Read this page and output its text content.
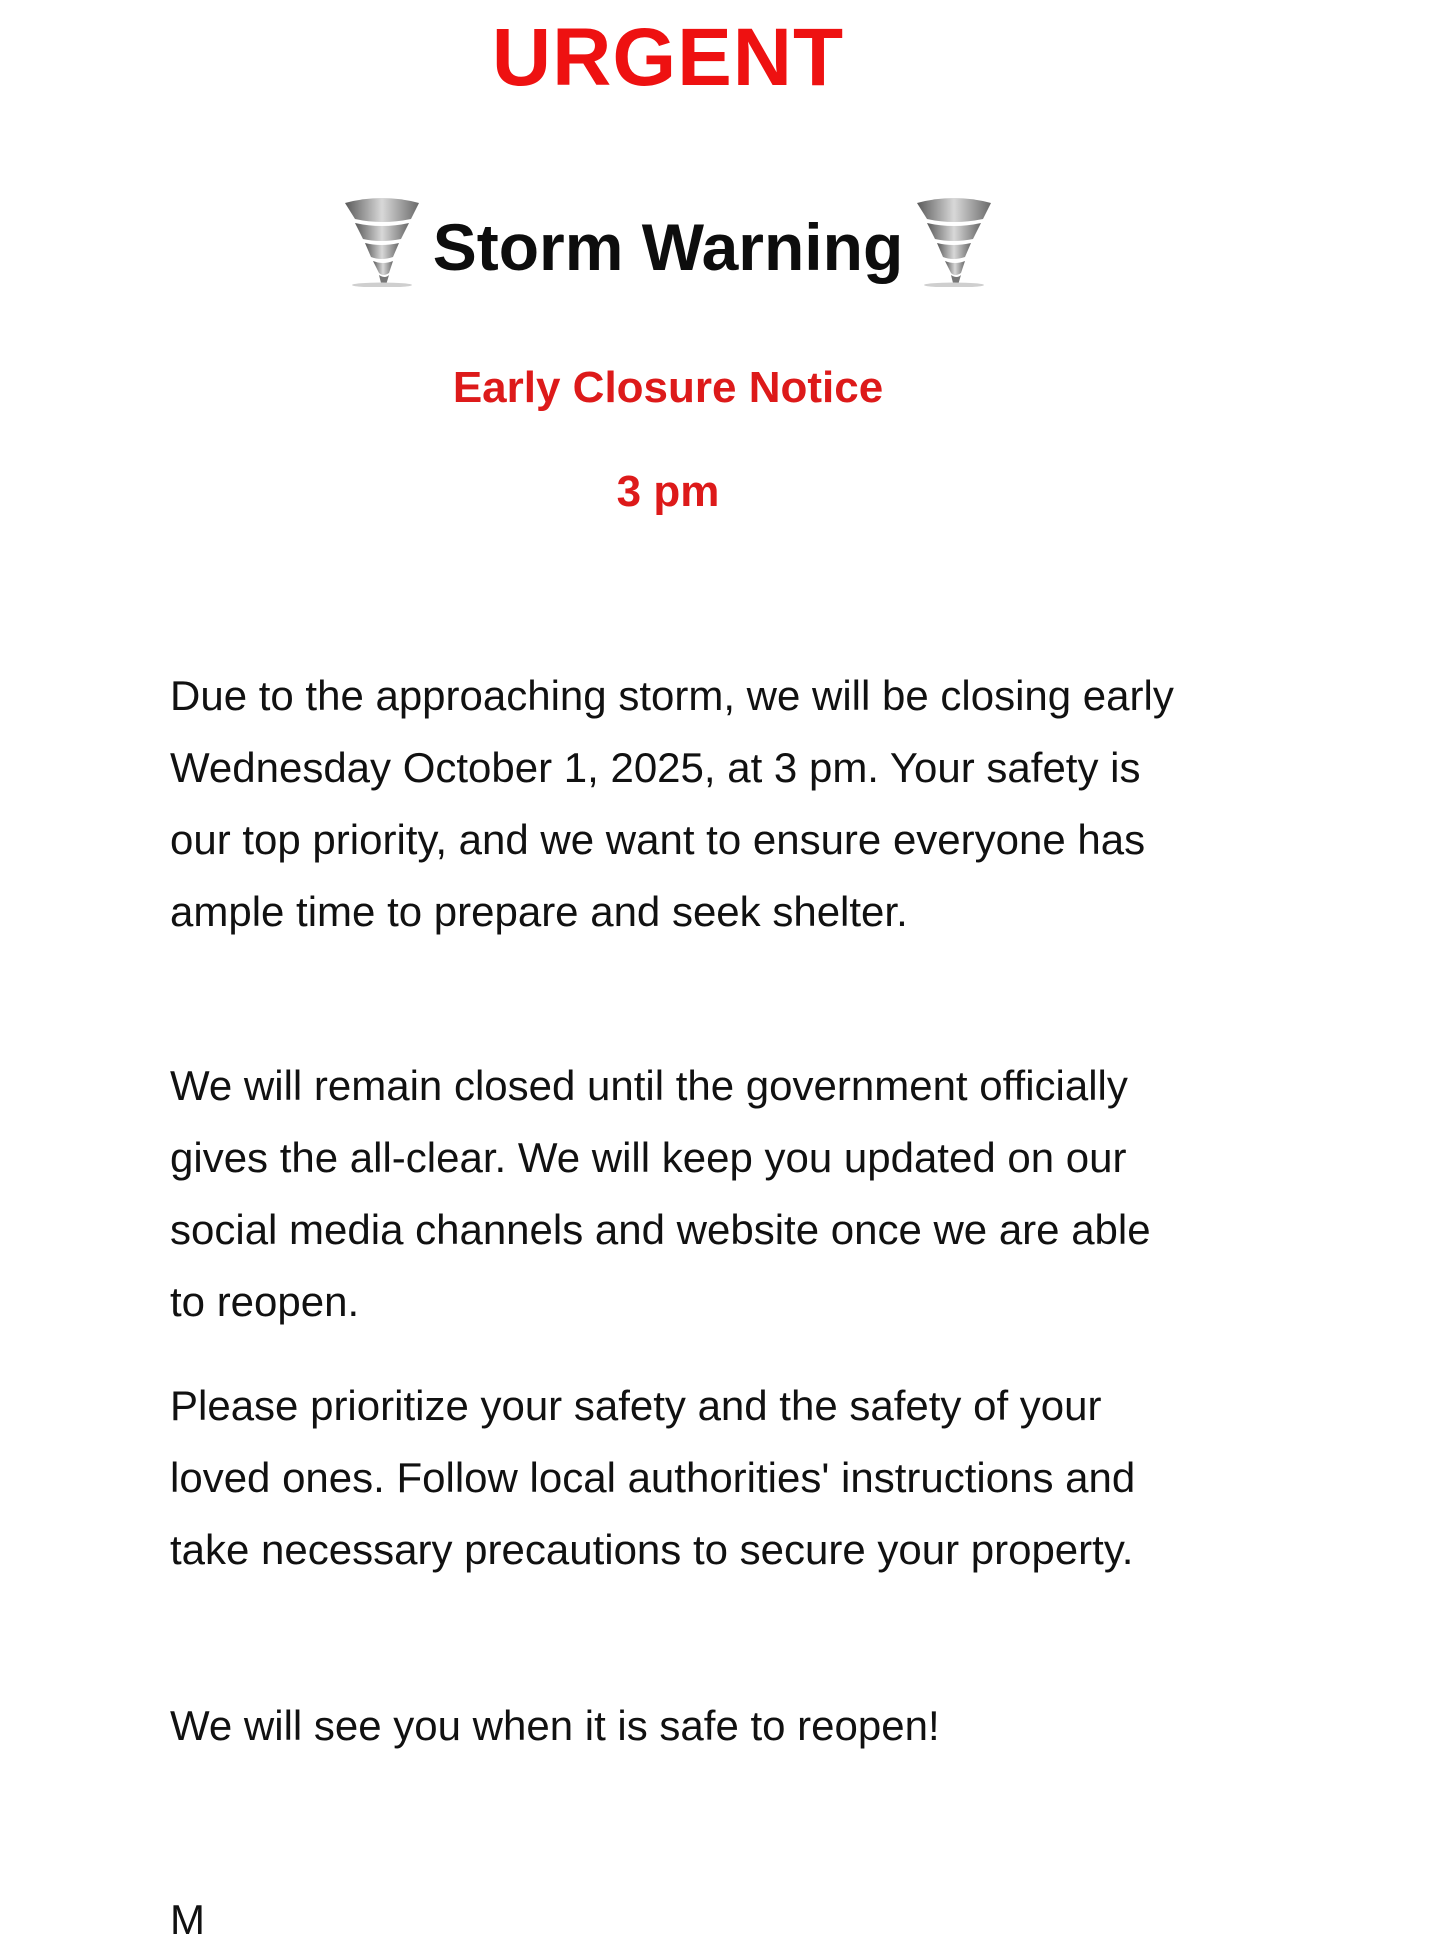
URGENT
Storm Warning
Early Closure Notice
3 pm

Due to the approaching storm, we will be closing early Wednesday October 1, 2025, at 3 pm. Your safety is our top priority, and we want to ensure everyone has ample time to prepare and seek shelter.

We will remain closed until the government officially gives the all-clear. We will keep you updated on our social media channels and website once we are able to reopen.

Please prioritize your safety and the safety of your loved ones. Follow local authorities' instructions and take necessary precautions to secure your property.

We will see you when it is safe to reopen!

M
